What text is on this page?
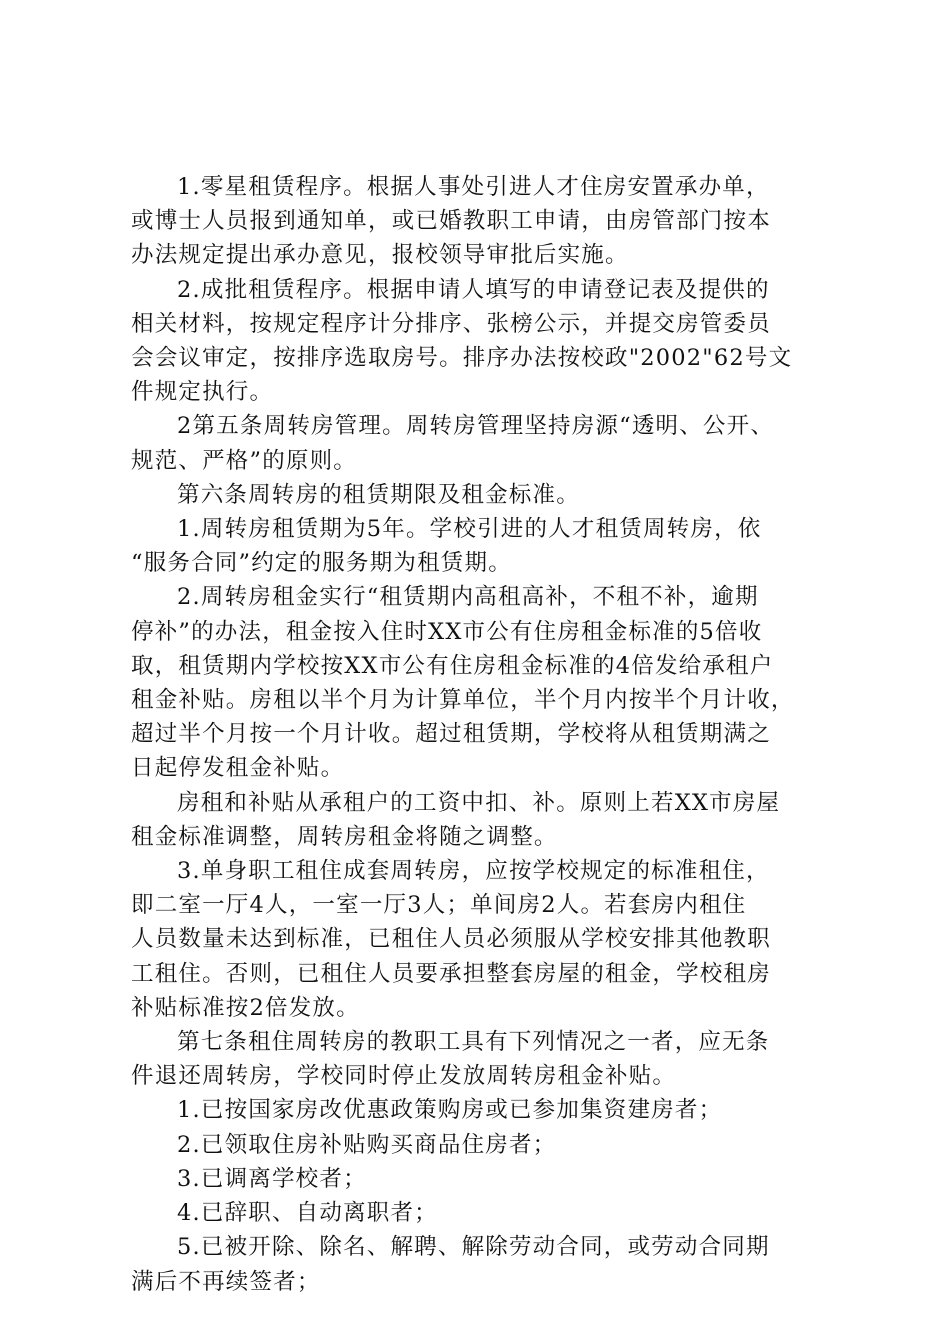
1.零星租赁程序。根据人事处引进人才住房安置承办单，
或博士人员报到通知单，或已婚教职工申请，由房管部门按本
办法规定提出承办意见，报校领导审批后实施。
2.成批租赁程序。根据申请人填写的申请登记表及提供的
相关材料，按规定程序计分排序、张榜公示，并提交房管委员
会会议审定，按排序选取房号。排序办法按校政"2002"62号文
件规定执行。
2第五条周转房管理。周转房管理坚持房源“透明、公开、
规范、严格”的原则。
第六条周转房的租赁期限及租金标准。
1.周转房租赁期为5年。学校引进的人才租赁周转房，依
“服务合同”约定的服务期为租赁期。
2.周转房租金实行“租赁期内高租高补，不租不补，逾期
停补”的办法，租金按入住时XX市公有住房租金标准的5倍收
取，租赁期内学校按XX市公有住房租金标准的4倍发给承租户
租金补贴。房租以半个月为计算单位，半个月内按半个月计收，
超过半个月按一个月计收。超过租赁期，学校将从租赁期满之
日起停发租金补贴。
房租和补贴从承租户的工资中扣、补。原则上若XX市房屋
租金标准调整，周转房租金将随之调整。
3.单身职工租住成套周转房，应按学校规定的标准租住，
即二室一厅4人，一室一厅3人；单间房2人。若套房内租住
人员数量未达到标准，已租住人员必须服从学校安排其他教职
工租住。否则，已租住人员要承担整套房屋的租金，学校租房
补贴标准按2倍发放。
第七条租住周转房的教职工具有下列情况之一者，应无条
件退还周转房，学校同时停止发放周转房租金补贴。
1.已按国家房改优惠政策购房或已参加集资建房者；
2.已领取住房补贴购买商品住房者；
3.已调离学校者；
4.已辞职、自动离职者；
5.已被开除、除名、解聘、解除劳动合同，或劳动合同期
满后不再续签者；
